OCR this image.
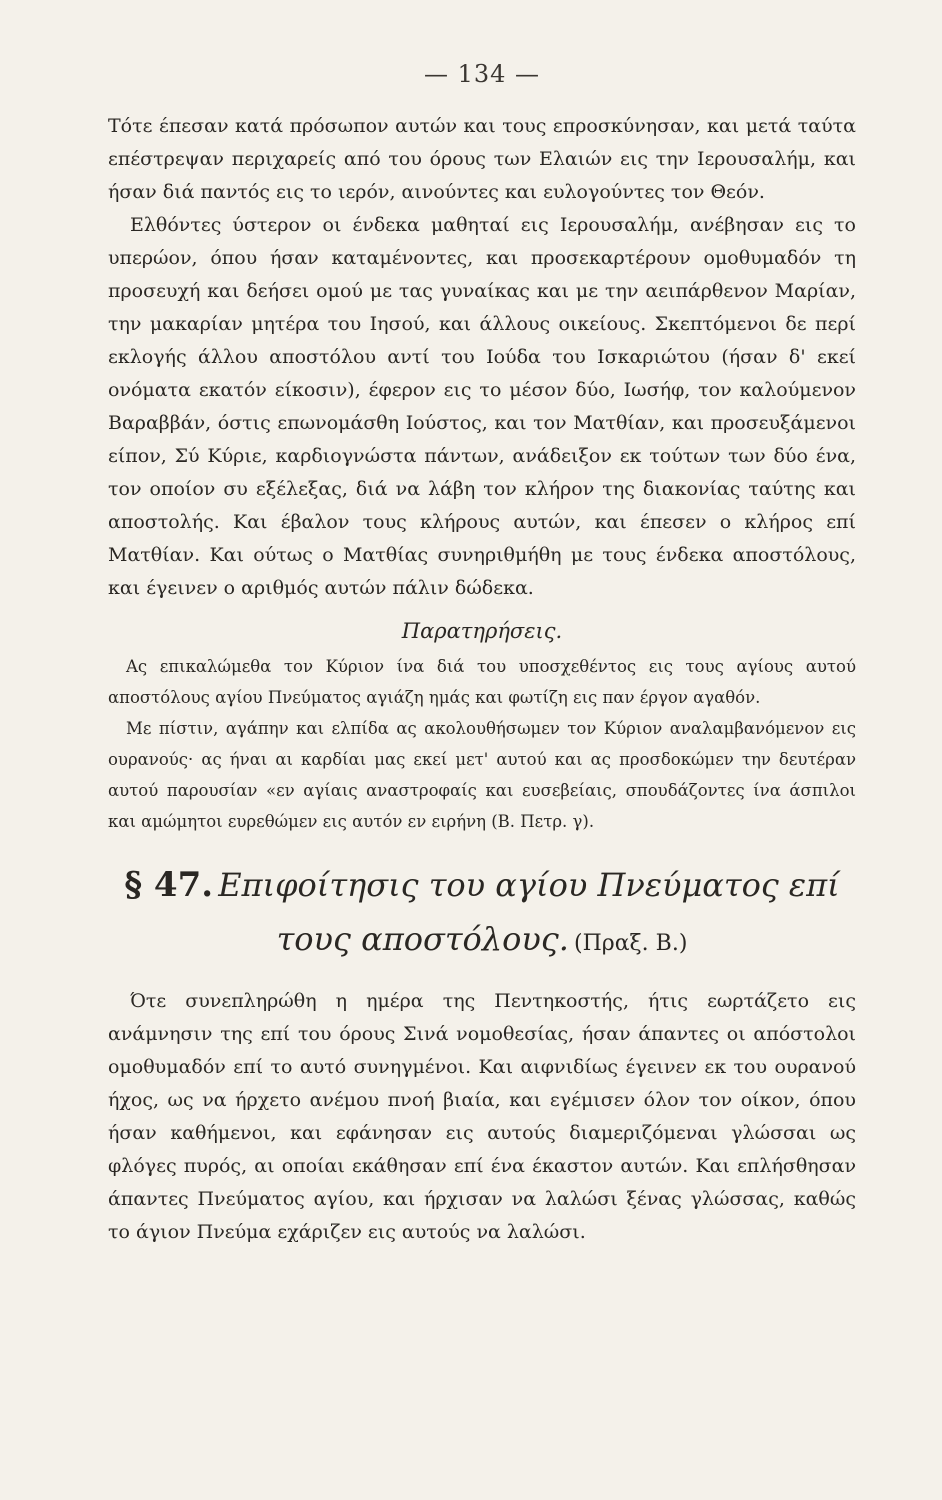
— 134 —

Τότε έπεσαν κατά πρόσωπον αυτών και τους επροσκύνησαν, και μετά ταύτα επέστρεψαν περιχαρείς από του όρους των Ελαιών εις την Ιερουσαλήμ, και ήσαν διά παντός εις το ιερόν, αινούντες και ευλογούντες τον Θεόν.

Ελθόντες ύστερον οι ένδεκα μαθηταί εις Ιερουσαλήμ, ανέβησαν εις το υπερώον, όπου ήσαν καταμένοντες, και προσεκαρτέρουν ομοθυμαδόν τη προσευχή και δεήσει ομού με τας γυναίκας και με την αειπάρθενον Μαρίαν, την μακαρίαν μητέρα του Ιησού, και άλλους οικείους. Σκεπτόμενοι δε περί εκλογής άλλου αποστόλου αντί του Ιούδα του Ισκαριώτου (ήσαν δ' εκεί ονόματα εκατόν είκοσιν), έφερον εις το μέσον δύο, Ιωσήφ, τον καλούμενον Βαραββάν, όστις επωνομάσθη Ιούστος, και τον Ματθίαν, και προσευξάμενοι είπον, Σύ Κύριε, καρδιογνώστα πάντων, ανάδειξον εκ τούτων των δύο ένα, τον οποίον συ εξέλεξας, διά να λάβη τον κλήρον της διακονίας ταύτης και αποστολής. Και έβαλον τους κλήρους αυτών, και έπεσεν ο κλήρος επί Ματθίαν. Και ούτως ο Ματθίας συνηριθμήθη με τους ένδεκα αποστόλους, και έγεινεν ο αριθμός αυτών πάλιν δώδεκα.

Παρατηρήσεις.

Ας επικαλώμεθα τον Κύριον ίνα διά του υποσχεθέντος εις τους αγίους αυτού αποστόλους αγίου Πνεύματος αγιάζη ημάς και φωτίζη εις παν έργον αγαθόν.

Με πίστιν, αγάπην και ελπίδα ας ακολουθήσωμεν τον Κύριον αναλαμβανόμενον εις ουρανούς· ας ήναι αι καρδίαι μας εκεί μετ' αυτού και ας προσδοκώμεν την δευτέραν αυτού παρουσίαν «εν αγίαις αναστροφαίς και ευσεβείαις, σπουδάζοντες ίνα άσπιλοι και αμώμητοι ευρεθώμεν εις αυτόν εν ειρήνη (Β. Πετρ. γ).

§ 47. Επιφοίτησις του αγίου Πνεύματος επί τους αποστόλους. (Πραξ. Β.)

Ότε συνεπληρώθη η ημέρα της Πεντηκοστής, ήτις εωρτάζετο εις ανάμνησιν της επί του όρους Σινά νομοθεσίας, ήσαν άπαντες οι απόστολοι ομοθυμαδόν επί το αυτό συνηγμένοι. Και αιφνιδίως έγεινεν εκ του ουρανού ήχος, ως να ήρχετο ανέμου πνοή βιαία, και εγέμισεν όλον τον οίκον, όπου ήσαν καθήμενοι, και εφάνησαν εις αυτούς διαμεριζόμεναι γλώσσαι ως φλόγες πυρός, αι οποίαι εκάθησαν επί ένα έκαστον αυτών. Και επλήσθησαν άπαντες Πνεύματος αγίου, και ήρχισαν να λαλώσι ξένας γλώσσας, καθώς το άγιον Πνεύμα εχάριζεν εις αυτούς να λαλώσι.
